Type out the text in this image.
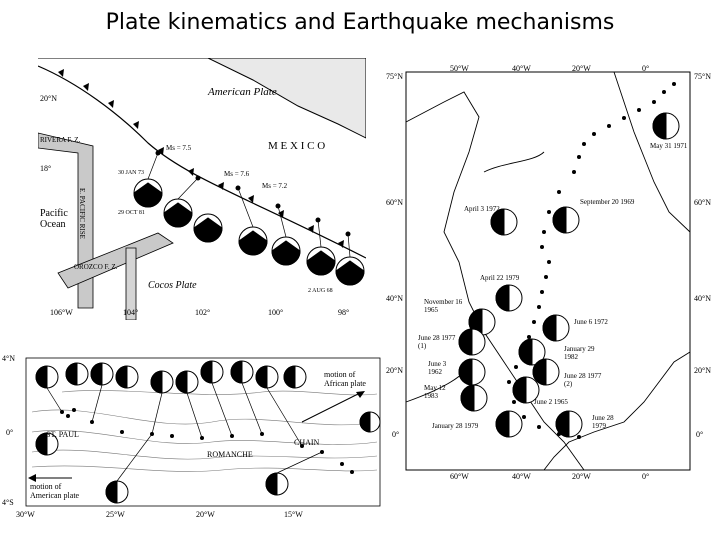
Plate kinematics and Earthquake mechanisms
American Plate
M E X I C O
Pacific
Ocean
Cocos Plate
RIVERA F. Z.
E. PACIFIC RISE
OROZCO F. Z.
Ms = 7.5
Ms = 7.6
Ms = 7.2
30 JAN 73
29 OCT 81
2 AUG 68
20°N
18°
106°W	104°	102°	100°	98°
ST. PAUL
ROMANCHE
CHAIN
motion of
African plate
motion of
American plate
4°N
0°
4°S
30°W	25°W	20°W	15°W
May 31 1971
April 3 1972
September 20 1969
April 22 1979
November 16 1965
June 6 1972
June 28 1977 (1)	January 29 1982
June 3 1962	June 28 1977 (2)
May 12 1983
June 2 1965
June 28 1979
January 28 1979
50°W	40°W	20°W	0°
60°W	40°W	20°W	0°
75°N
60°N
40°N
20°N
0°
75°N
60°N
40°N
20°N
0°
